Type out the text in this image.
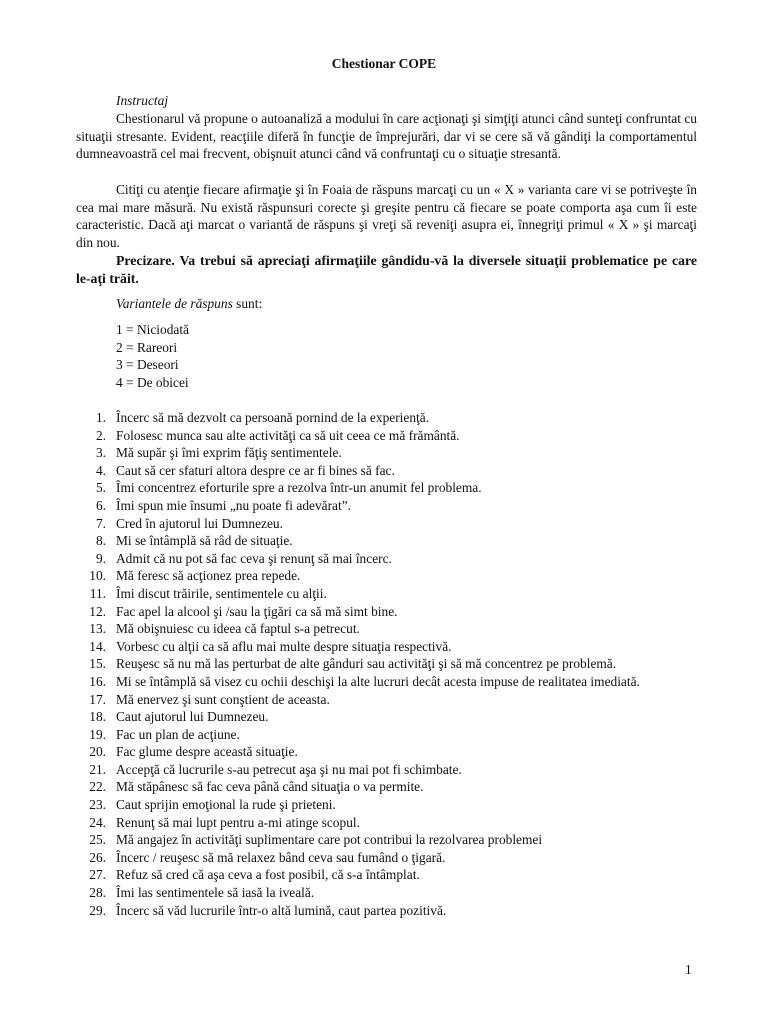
Chestionar COPE
Instructaj
Chestionarul vă propune o autoanaliză a modului în care acţionaţi şi simţiţi atunci când sunteţi confruntat cu situaţii stresante. Evident, reacţiile diferă în funcţie de împrejurări, dar vi se cere să vă gândiţi la comportamentul dumneavoastră cel mai frecvent, obişnuit atunci când vă confruntaţi cu o situaţie stresantă.
Citiţi cu atenţie fiecare afirmaţie şi în Foaia de răspuns marcaţi cu un « X » varianta care vi se potriveşte în cea mai mare măsură. Nu există răspunsuri corecte şi greşite pentru că fiecare se poate comporta aşa cum îi este caracteristic. Dacă aţi marcat o variantă de răspuns şi vreţi să reveniţi asupra ei, înnegriţi primul « X » şi marcaţi din nou.
Precizare. Va trebui să apreciaţi afirmaţiile gândidu-vă la diversele situaţii problematice pe care le-aţi trăit.
Variantele de răspuns sunt:
1 = Niciodată
2 = Rareori
3 = Deseori
4 = De obicei
1. Încerc să mă dezvolt ca persoană pornind de la experienţă.
2. Folosesc munca sau alte activităţi ca să uit ceea ce mă frământă.
3. Mă supăr şi îmi exprim făţiş sentimentele.
4. Caut să cer sfaturi altora despre ce ar fi bines să fac.
5. Îmi concentrez eforturile spre a rezolva într-un anumit fel problema.
6. Îmi spun mie însumi „nu poate fi adevărat”.
7. Cred în ajutorul lui Dumnezeu.
8. Mi se întâmplă să râd de situaţie.
9. Admit că nu pot să fac ceva şi renunţ să mai încerc.
10. Mă feresc să acţionez prea repede.
11. Îmi discut trăirile, sentimentele cu alţii.
12. Fac apel la alcool şi /sau la ţigări ca să mă simt bine.
13. Mă obişnuiesc cu ideea că faptul s-a petrecut.
14. Vorbesc cu alţii ca să aflu mai multe despre situaţia respectivă.
15. Reuşesc să nu mă las perturbat de alte gânduri sau activităţi şi să mă concentrez pe problemă.
16. Mi se întâmplă să visez cu ochii deschişi la alte lucruri decât acesta impuse de realitatea imediată.
17. Mă enervez şi sunt conştient de aceasta.
18. Caut ajutorul lui Dumnezeu.
19. Fac un plan de acţiune.
20. Fac glume despre această situaţie.
21. Accepţă că lucrurile s-au petrecut aşa şi nu mai pot fi schimbate.
22. Mă stăpânesc să fac ceva până când situaţia o va permite.
23. Caut sprijin emoţional la rude şi prieteni.
24. Renunţ să mai lupt pentru a-mi atinge scopul.
25. Mă angajez în activităţi suplimentare care pot contribui la rezolvarea problemei
26. Încerc / reuşesc să mă relaxez bând ceva sau fumând o ţigară.
27. Refuz să cred că aşa ceva a fost posibil, că s-a întâmplat.
28. Îmi las sentimentele să iasă la iveală.
29. Încerc să văd lucrurile într-o altă lumină, caut partea pozitivă.
1
